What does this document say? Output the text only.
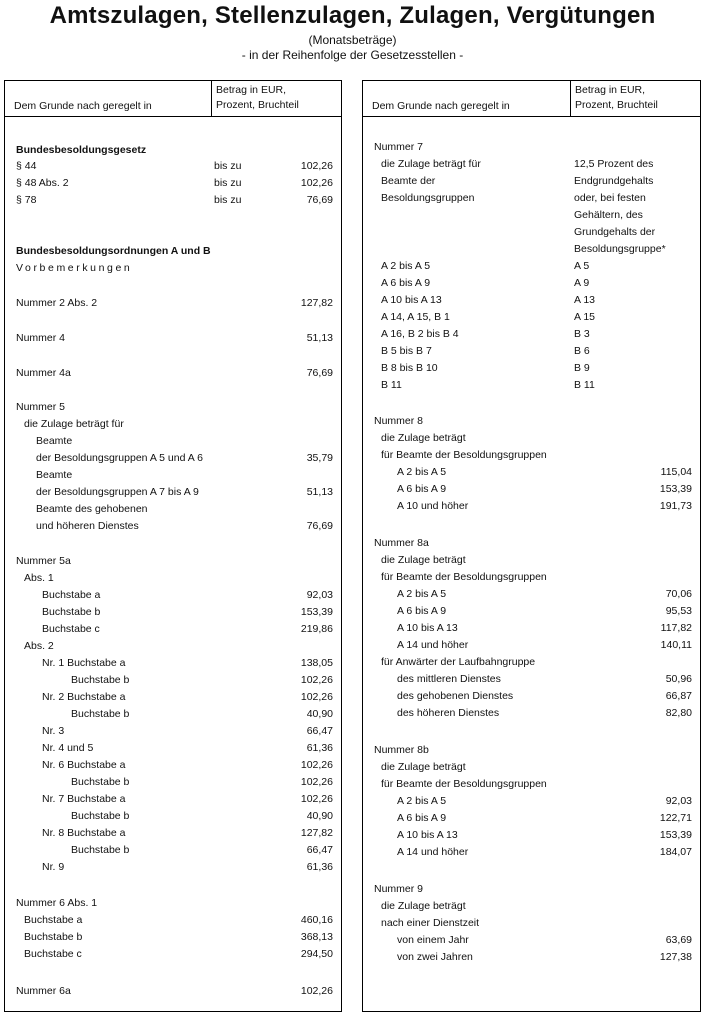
Amtszulagen, Stellenzulagen, Zulagen, Vergütungen
(Monatsbeträge)
- in der Reihenfolge der Gesetzesstellen -
Dem Grunde nach geregelt in
Betrag in EUR,
Prozent, Bruchteil
Bundesbesoldungsgesetz
§ 44	bis zu	102,26
§ 48 Abs. 2	bis zu	102,26
§ 78	bis zu	76,69
Bundesbesoldungsordnungen A und B
Vorbemerkungen
Nummer 2 Abs. 2	127,82
Nummer 4	51,13
Nummer 4a	76,69
Nummer 5
die Zulage beträgt für
Beamte
der Besoldungsgruppen A 5 und A 6	35,79
Beamte
der Besoldungsgruppen A 7 bis A 9	51,13
Beamte des gehobenen
und höheren Dienstes	76,69
Nummer 5a
Abs. 1
Buchstabe a	92,03
Buchstabe b	153,39
Buchstabe c	219,86
Abs. 2
Nr. 1 Buchstabe a	138,05
Buchstabe b	102,26
Nr. 2 Buchstabe a	102,26
Buchstabe b	40,90
Nr. 3	66,47
Nr. 4 und 5	61,36
Nr. 6 Buchstabe a	102,26
Buchstabe b	102,26
Nr. 7 Buchstabe a	102,26
Buchstabe b	40,90
Nr. 8 Buchstabe a	127,82
Buchstabe b	66,47
Nr. 9	61,36
Nummer 6 Abs. 1
Buchstabe a	460,16
Buchstabe b	368,13
Buchstabe c	294,50
Nummer 6a	102,26
Dem Grunde nach geregelt in
Betrag in EUR,
Prozent, Bruchteil
Nummer 7
die Zulage beträgt für	12,5 Prozent des
Beamte der	Endgrundgehalts
Besoldungsgruppen	oder, bei festen
Gehältern, des
Grundgehalts der
Besoldungsgruppe*
A 2 bis A 5	A 5
A 6 bis A 9	A 9
A 10 bis A 13	A 13
A 14, A 15, B 1	A 15
A 16, B 2 bis B 4	B 3
B 5 bis B 7	B 6
B 8 bis B 10	B 9
B 11	B 11
Nummer 8
die Zulage beträgt
für Beamte der Besoldungsgruppen
A 2 bis A 5	115,04
A 6 bis A 9	153,39
A 10 und höher	191,73
Nummer 8a
die Zulage beträgt
für Beamte der Besoldungsgruppen
A 2 bis A 5	70,06
A 6 bis A 9	95,53
A 10 bis A 13	117,82
A 14 und höher	140,11
für Anwärter der Laufbahngruppe
des mittleren Dienstes	50,96
des gehobenen Dienstes	66,87
des höheren Dienstes	82,80
Nummer 8b
die Zulage beträgt
für Beamte der Besoldungsgruppen
A 2 bis A 5	92,03
A 6 bis A 9	122,71
A 10 bis A 13	153,39
A 14 und höher	184,07
Nummer 9
die Zulage beträgt
nach einer Dienstzeit
von einem Jahr	63,69
von zwei Jahren	127,38
